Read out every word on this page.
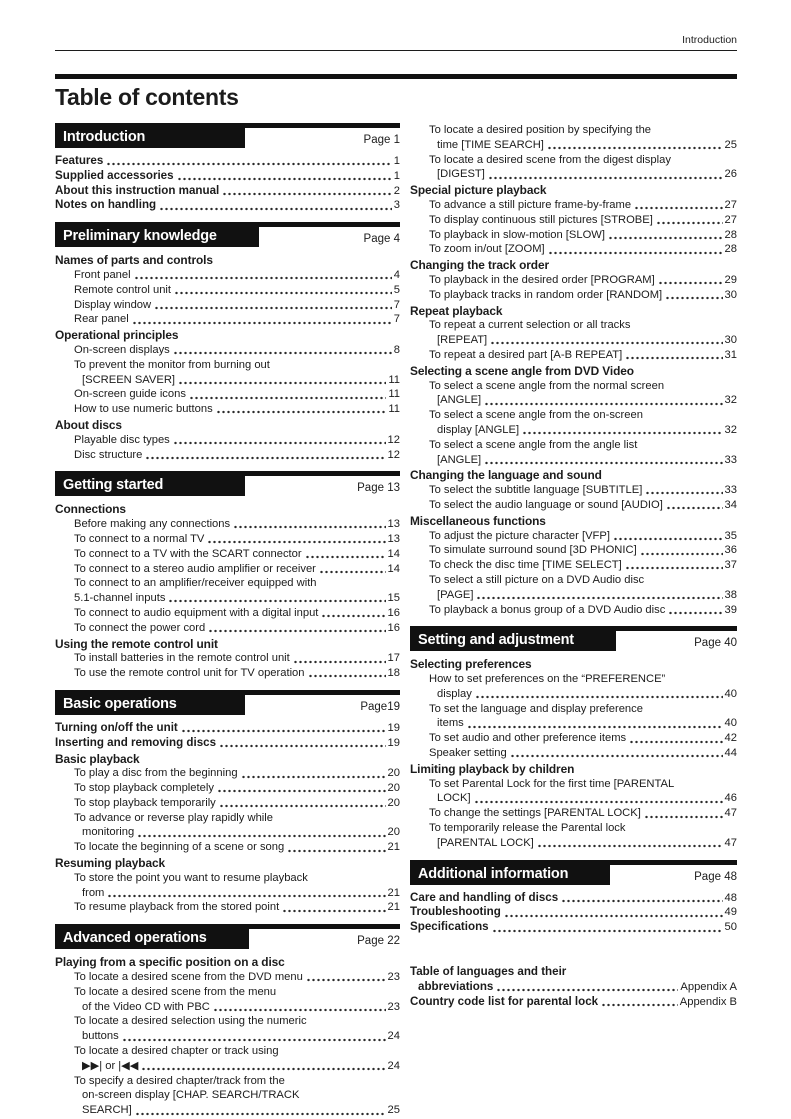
Introduction
Table of contents
Introduction	Page 1
Features	1
Supplied accessories	1
About this instruction manual	2
Notes on handling	3
Preliminary knowledge	Page 4
Names of parts and controls
Front panel	4
Remote control unit	5
Display window	7
Rear panel	7
Operational principles
On-screen displays	8
To prevent the monitor from burning out
[SCREEN SAVER]	11
On-screen guide icons	11
How to use numeric buttons	11
About discs
Playable disc types	12
Disc structure	12
Getting started	Page 13
Connections
Before making any connections	13
To connect to a normal TV	13
To connect to a TV with the SCART connector	14
To connect to a stereo audio amplifier or receiver	14
To connect to an amplifier/receiver equipped with
5.1-channel inputs	15
To connect to audio equipment with a digital input	16
To connect the power cord	16
Using the remote control unit
To install batteries in the remote control unit	17
To use the remote control unit for TV operation	18
Basic operations	Page19
Turning on/off the unit	19
Inserting and removing discs	19
Basic playback
To play a disc from the beginning	20
To stop playback completely	20
To stop playback temporarily	20
To advance or reverse play rapidly while
monitoring	20
To locate the beginning of a scene or song	21
Resuming playback
To store the point you want to resume playback
from	21
To resume playback from the stored point	21
Advanced operations	Page 22
Playing from a specific position on a disc
To locate a desired scene from the DVD menu	23
To locate a desired scene from the menu
of the Video CD with PBC	23
To locate a desired selection using the numeric
buttons	24
To locate a desired chapter or track using
▶▶| or |◀◀	24
To specify a desired chapter/track from the
on-screen display [CHAP. SEARCH/TRACK
SEARCH]	25
To locate a desired position by specifying the
time [TIME SEARCH]	25
To locate a desired scene from the digest display
[DIGEST]	26
Special picture playback
To advance a still picture frame-by-frame	27
To display continuous still pictures [STROBE]	27
To playback in slow-motion [SLOW]	28
To zoom in/out [ZOOM]	28
Changing the track order
To playback in the desired order [PROGRAM]	29
To playback tracks in random order [RANDOM]	30
Repeat playback
To repeat a current selection or all tracks
[REPEAT]	30
To repeat a desired part [A-B REPEAT]	31
Selecting a scene angle from DVD Video
To select a scene angle from the normal screen
[ANGLE]	32
To select a scene angle from the on-screen
display [ANGLE]	32
To select a scene angle from the angle list
[ANGLE]	33
Changing the language and sound
To select the subtitle language [SUBTITLE]	33
To select the audio language or sound [AUDIO]	34
Miscellaneous functions
To adjust the picture character [VFP]	35
To simulate surround sound [3D PHONIC]	36
To check the disc time [TIME SELECT]	37
To select a still picture on a DVD Audio disc
[PAGE]	38
To playback a bonus group of a DVD Audio disc	39
Setting and adjustment	Page 40
Selecting preferences
How to set preferences on the “PREFERENCE”
display	40
To set the language and display preference
items	40
To set audio and other preference items	42
Speaker setting	44
Limiting playback by children
To set Parental Lock for the first time [PARENTAL
LOCK]	46
To change the settings [PARENTAL LOCK]	47
To temporarily release the Parental lock
[PARENTAL LOCK]	47
Additional information	Page 48
Care and handling of discs	48
Troubleshooting	49
Specifications	50
Table of languages and their
abbreviations	Appendix A
Country code list for parental lock	Appendix B
